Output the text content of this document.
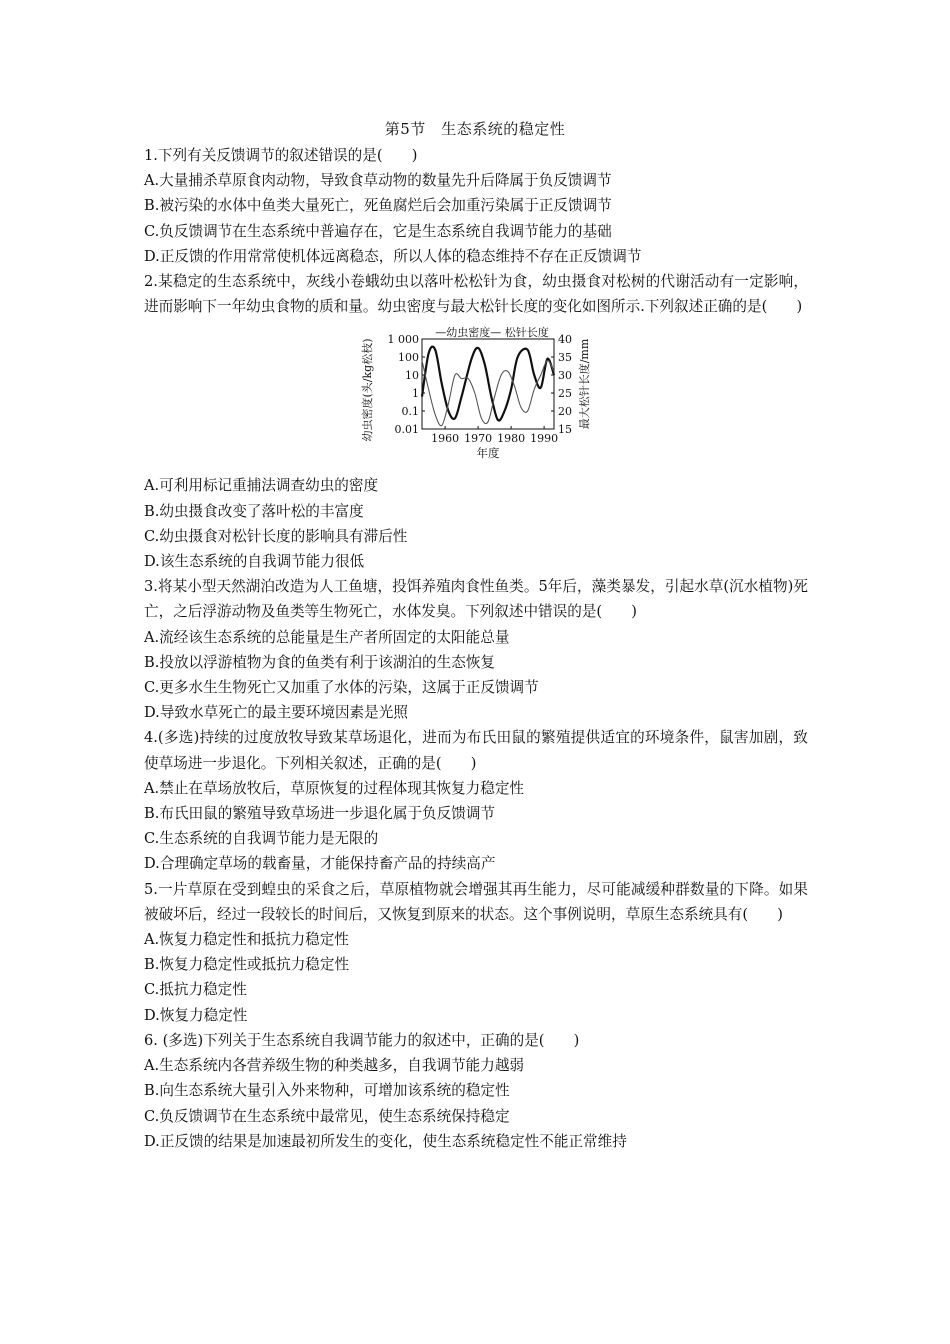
第5节　生态系统的稳定性

1.下列有关反馈调节的叙述错误的是(　　)

A.大量捕杀草原食肉动物，导致食草动物的数量先升后降属于负反馈调节

B.被污染的水体中鱼类大量死亡，死鱼腐烂后会加重污染属于正反馈调节

C.负反馈调节在生态系统中普遍存在，它是生态系统自我调节能力的基础

D.正反馈的作用常常使机体远离稳态，所以人体的稳态维持不存在正反馈调节

2.某稳定的生态系统中，灰线小卷蛾幼虫以落叶松松针为食，幼虫摄食对松树的代谢活动有一定影响，进而影响下一年幼虫食物的质和量。幼虫密度与最大松针长度的变化如图所示.下列叙述正确的是(　　)

1 000
100
10
1
0.1
0.01
40
35
30
25
20
15
1960 1970 1980 1990
—幼虫密度— 松针长度
年度
幼虫密度(头/kg松枝)	最大松针长度/mm

A.可利用标记重捕法调查幼虫的密度

B.幼虫摄食改变了落叶松的丰富度

C.幼虫摄食对松针长度的影响具有滞后性

D.该生态系统的自我调节能力很低

3.将某小型天然湖泊改造为人工鱼塘，投饵养殖肉食性鱼类。5年后，藻类暴发，引起水草(沉水植物)死亡，之后浮游动物及鱼类等生物死亡，水体发臭。下列叙述中错误的是(　　)

A.流经该生态系统的总能量是生产者所固定的太阳能总量

B.投放以浮游植物为食的鱼类有利于该湖泊的生态恢复

C.更多水生生物死亡又加重了水体的污染，这属于正反馈调节

D.导致水草死亡的最主要环境因素是光照

4.(多选)持续的过度放牧导致某草场退化，进而为布氏田鼠的繁殖提供适宜的环境条件，鼠害加剧，致使草场进一步退化。下列相关叙述，正确的是(　　)

A.禁止在草场放牧后，草原恢复的过程体现其恢复力稳定性

B.布氏田鼠的繁殖导致草场进一步退化属于负反馈调节

C.生态系统的自我调节能力是无限的

D.合理确定草场的载畜量，才能保持畜产品的持续高产

5.一片草原在受到蝗虫的采食之后，草原植物就会增强其再生能力，尽可能减缓种群数量的下降。如果被破坏后，经过一段较长的时间后，又恢复到原来的状态。这个事例说明，草原生态系统具有(　　)

A.恢复力稳定性和抵抗力稳定性

B.恢复力稳定性或抵抗力稳定性

C.抵抗力稳定性

D.恢复力稳定性

6. (多选)下列关于生态系统自我调节能力的叙述中，正确的是(　　)

A.生态系统内各营养级生物的种类越多，自我调节能力越弱

B.向生态系统大量引入外来物种，可增加该系统的稳定性

C.负反馈调节在生态系统中最常见，使生态系统保持稳定

D.正反馈的结果是加速最初所发生的变化，使生态系统稳定性不能正常维持
